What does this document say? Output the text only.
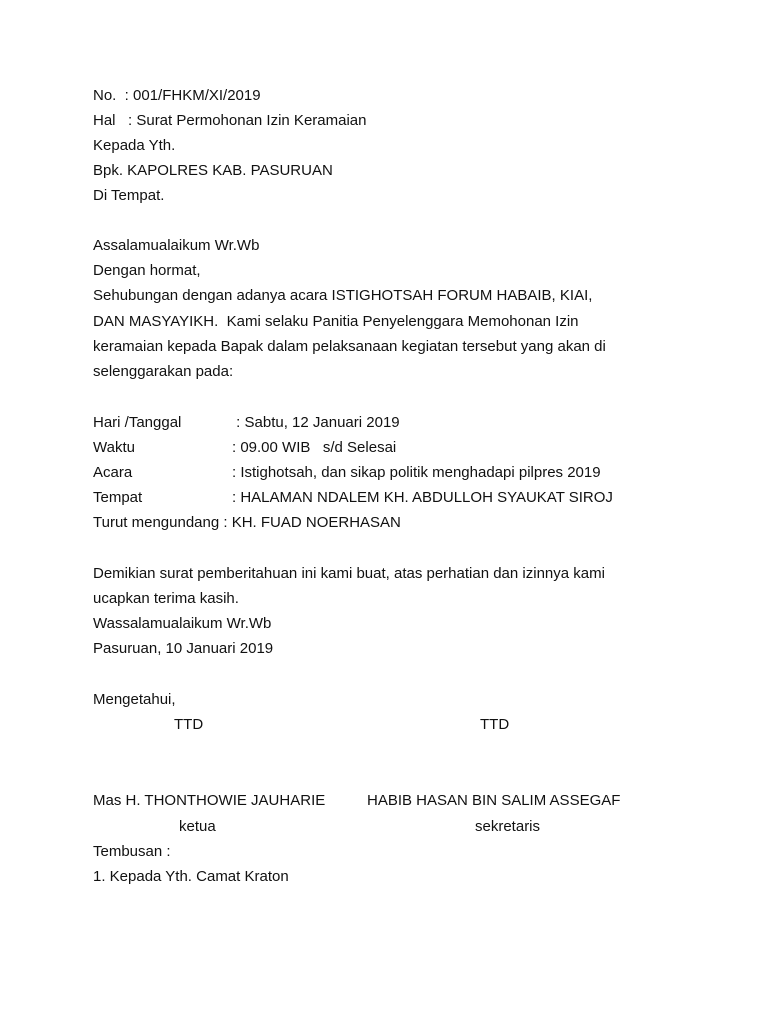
No.  : 001/FHKM/XI/2019
Hal   : Surat Permohonan Izin Keramaian
Kepada Yth.
Bpk. KAPOLRES KAB. PASURUAN
Di Tempat.
Assalamualaikum Wr.Wb
Dengan hormat,
Sehubungan dengan adanya acara ISTIGHOTSAH FORUM HABAIB, KIAI,
DAN MASYAYIKH.  Kami selaku Panitia Penyelenggara Memohonan Izin
keramaian kepada Bapak dalam pelaksanaan kegiatan tersebut yang akan di
selenggarakan pada:
Hari /Tanggal	: Sabtu, 12 Januari 2019
Waktu	: 09.00 WIB   s/d Selesai
Acara	: Istighotsah, dan sikap politik menghadapi pilpres 2019
Tempat	: HALAMAN NDALEM KH. ABDULLOH SYAUKAT SIROJ
Turut mengundang : KH. FUAD NOERHASAN
Demikian surat pemberitahuan ini kami buat, atas perhatian dan izinnya kami
ucapkan terima kasih.
Wassalamualaikum Wr.Wb
Pasuruan, 10 Januari 2019
Mengetahui,
TTD	TTD
Mas H. THONTHOWIE JAUHARIE	HABIB HASAN BIN SALIM ASSEGAF
ketua	sekretaris
Tembusan :
1. Kepada Yth. Camat Kraton
